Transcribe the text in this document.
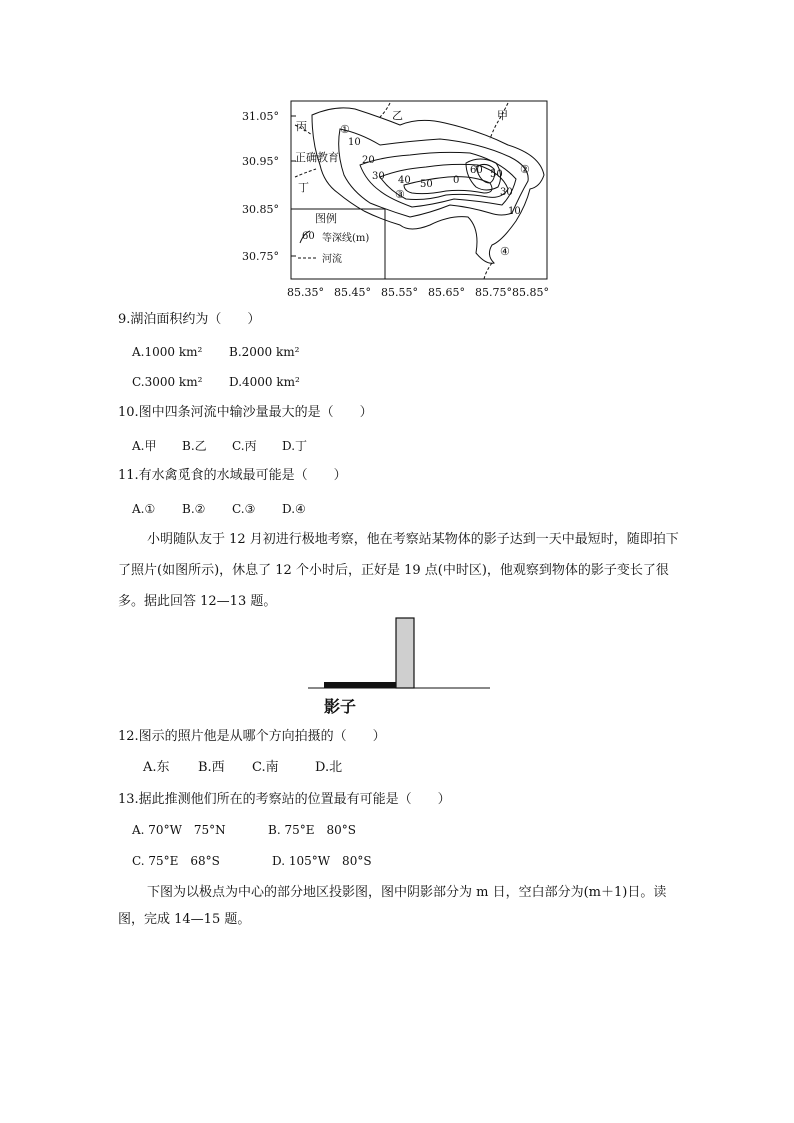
31.05°
30.95°
30.85°
30.75°
85.35° 85.45° 85.55° 85.65° 85.75° 85.85°
图例
60 等深线(m)
河流
甲
乙
丙
丁
①
②
③
④
10
20
30 40 50
60 50
30
10
0
正确教育
9.湖泊面积约为（　　）
A.1000 km² B.2000 km²
C.3000 km² D.4000 km²
10.图中四条河流中输沙量最大的是（　　）
A.甲 B.乙 C.丙 D.丁
11.有水禽觅食的水域最可能是（　　）
A.① B.② C.③ D.④
小明随队友于 12 月初进行极地考察，他在考察站某物体的影子达到一天中最短时，随即拍下了照片(如图所示)，休息了 12 个小时后，正好是 19 点(中时区)，他观察到物体的影子变长了很多。据此回答 12—13 题。
影子
12.图示的照片他是从哪个方向拍摄的（　　）
A.东 B.西 C.南	D.北
13.据此推测他们所在的考察站的位置最有可能是（　　）
A. 70°W　75°N	B. 75°E　80°S
C. 75°E　68°S	D. 105°W　80°S
下图为以极点为中心的部分地区投影图，图中阴影部分为 m 日，空白部分为(m＋1)日。读图，完成 14—15 题。
